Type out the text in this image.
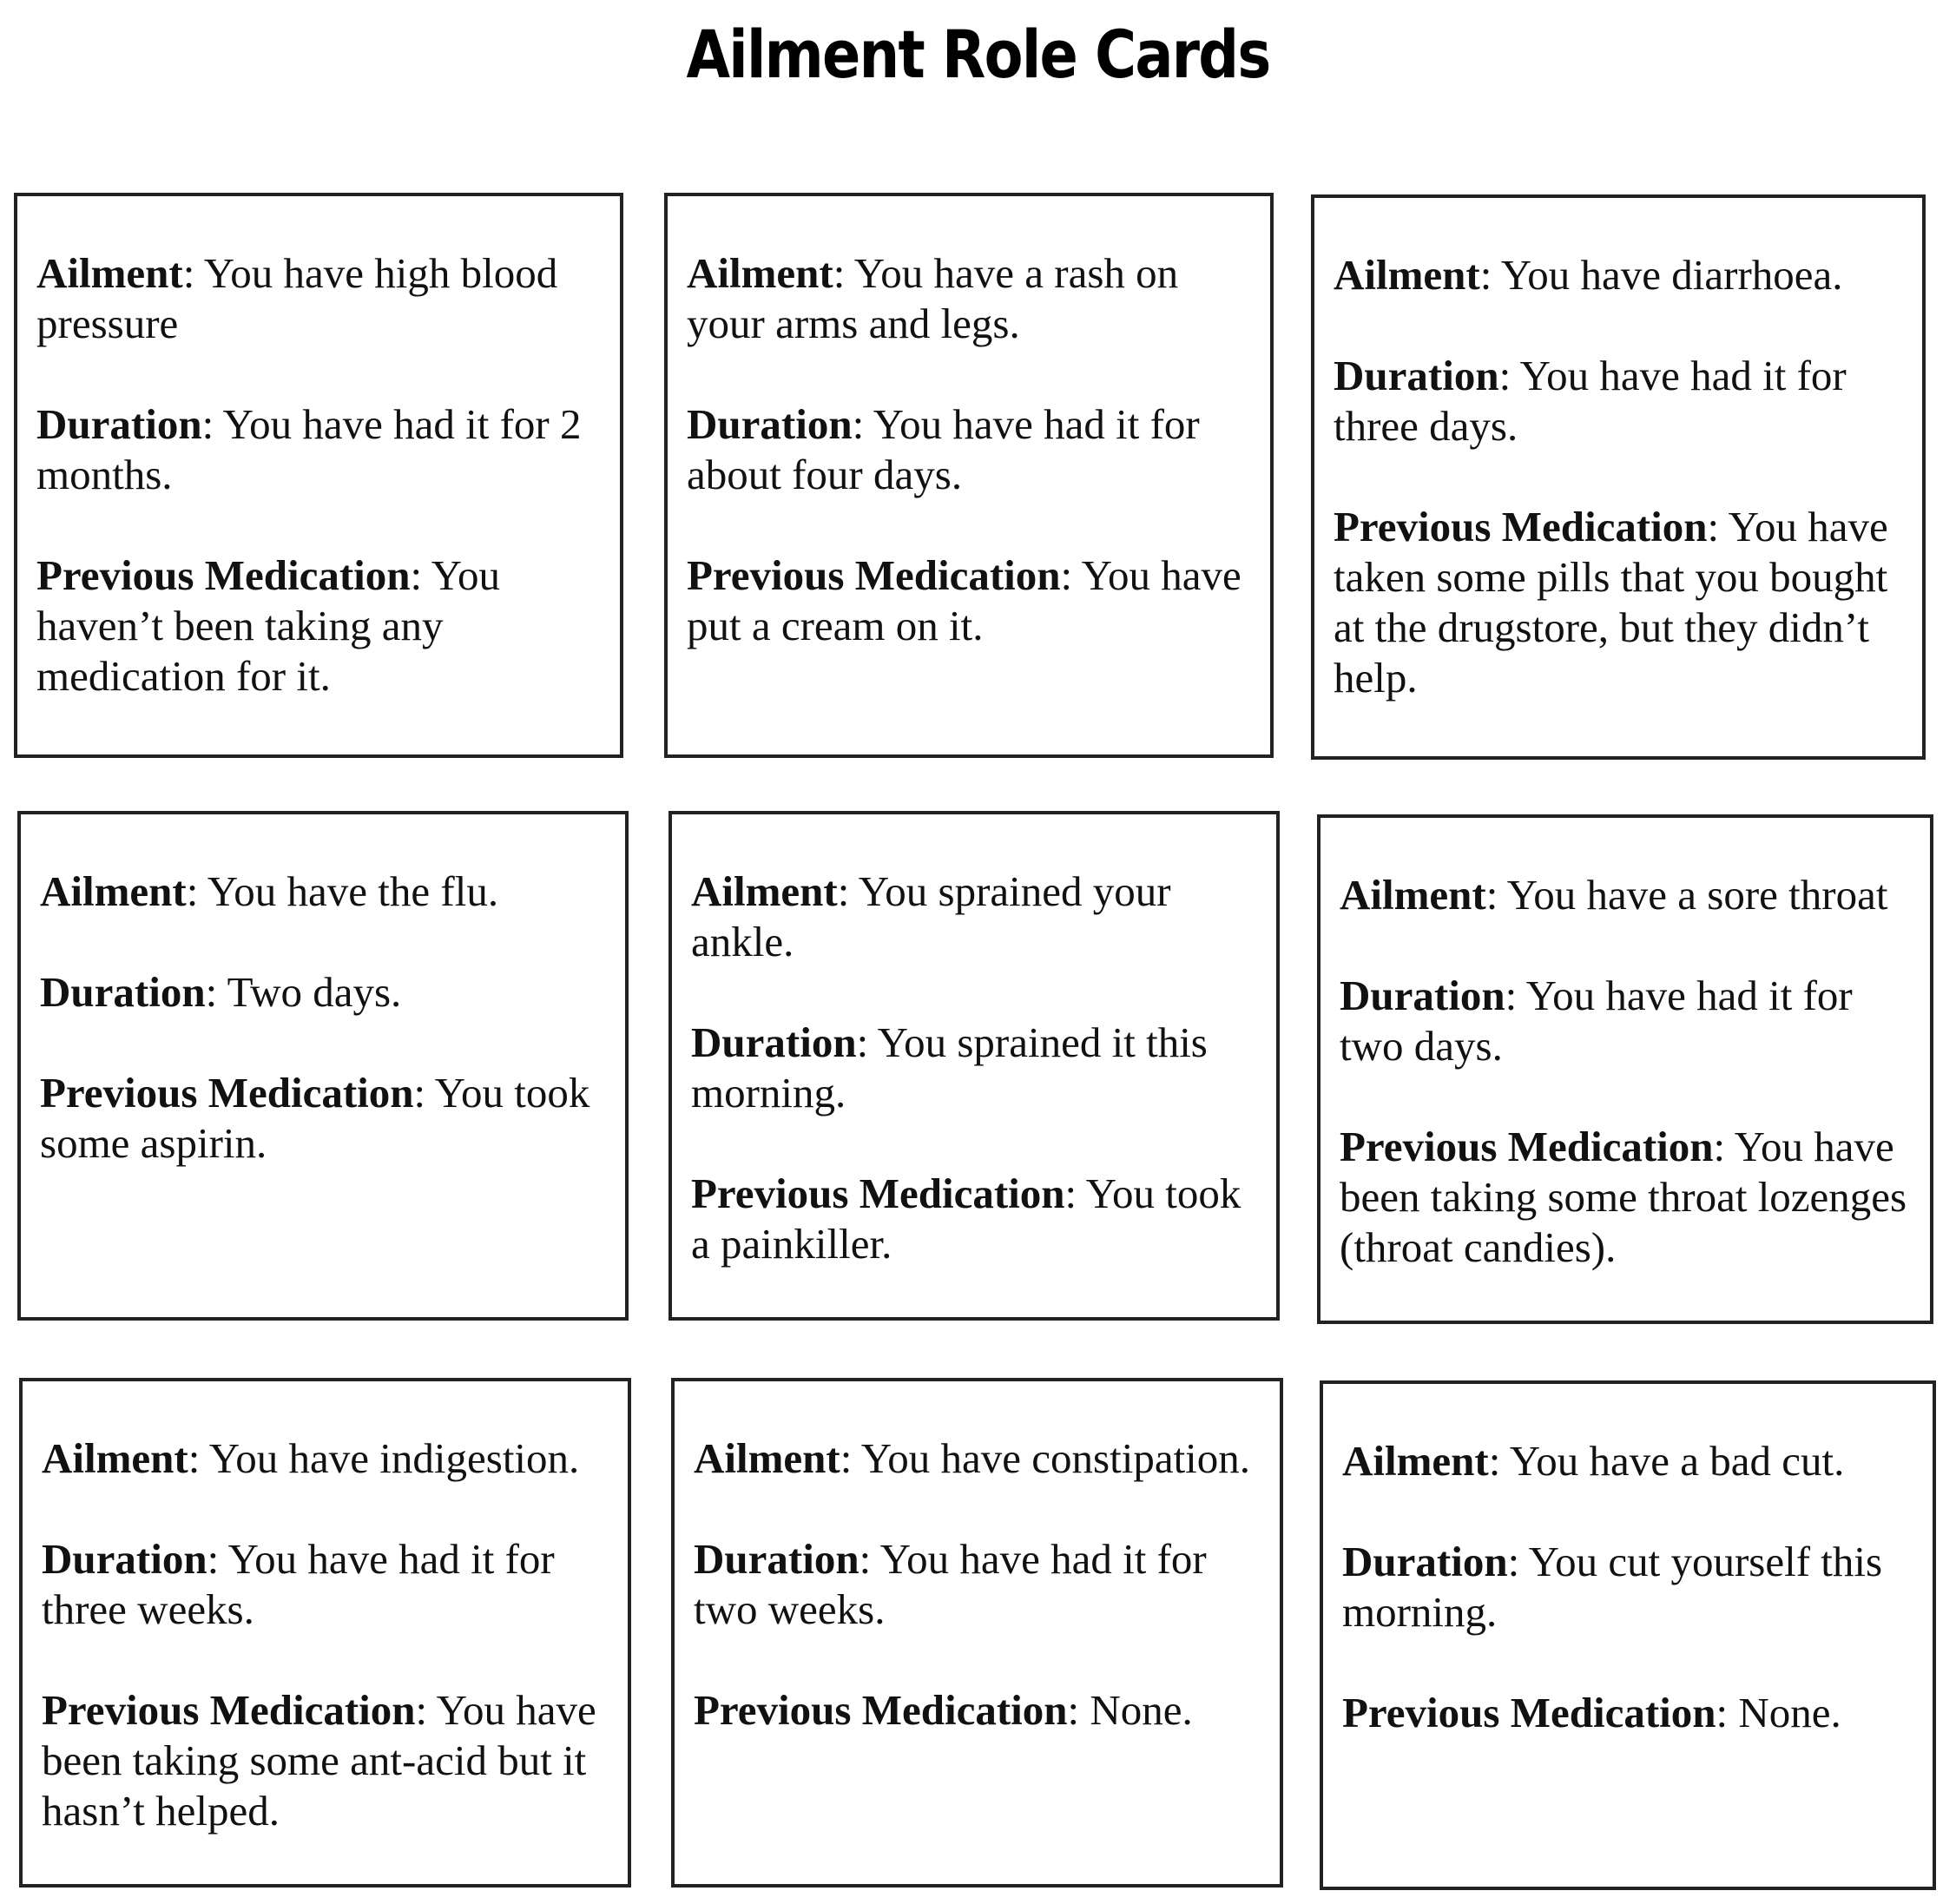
Ailment Role Cards

Ailment: You have high blood pressure

Duration: You have had it for 2 months.

Previous Medication: You haven’t been taking any medication for it.

Ailment: You have a rash on your arms and legs.

Duration: You have had it for about four days.

Previous Medication: You have put a cream on it.

Ailment: You have diarrhoea.

Duration: You have had it for three days.

Previous Medication: You have taken some pills that you bought at the drugstore, but they didn’t help.

Ailment: You have the flu.

Duration: Two days.

Previous Medication: You took some aspirin.

Ailment: You sprained your ankle.

Duration: You sprained it this morning.

Previous Medication: You took a painkiller.

Ailment: You have a sore throat

Duration: You have had it for two days.

Previous Medication: You have been taking some throat lozenges (throat candies).

Ailment: You have indigestion.

Duration: You have had it for three weeks.

Previous Medication: You have been taking some ant-acid but it hasn’t helped.

Ailment: You have constipation.

Duration: You have had it for two weeks.

Previous Medication: None.

Ailment: You have a bad cut.

Duration: You cut yourself this morning.

Previous Medication: None.
